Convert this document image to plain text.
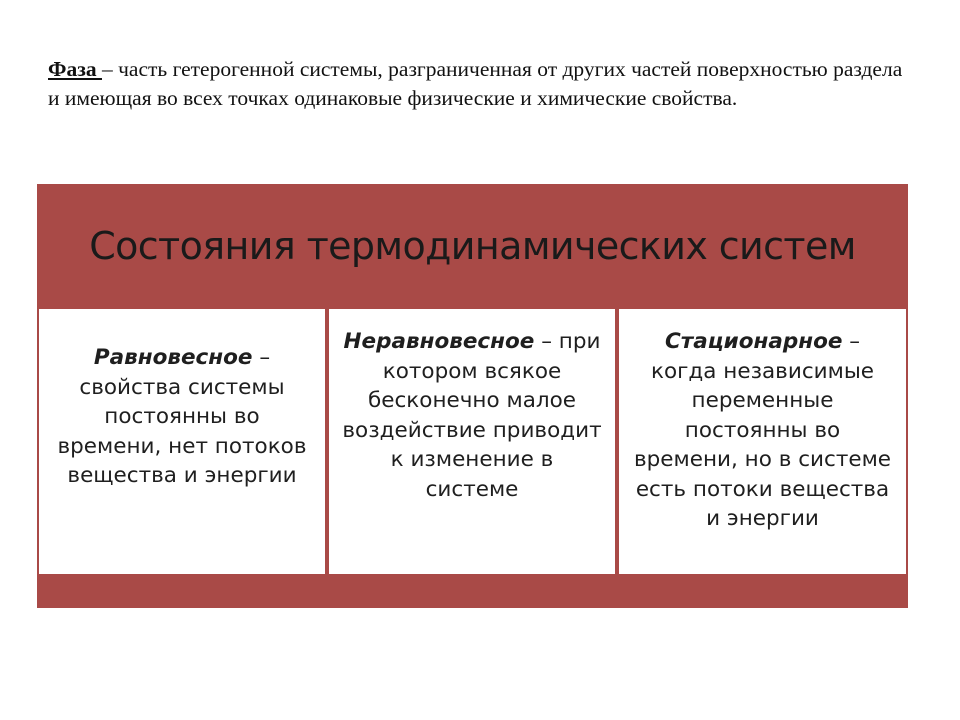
Фаза – часть гетерогенной системы, разграниченная от других частей поверхностью раздела и имеющая во всех точках одинаковые физические и химические свойства.
Состояния термодинамических систем
Равновесное – свойства системы постоянны во времени, нет потоков вещества и энергии
Неравновесное – при котором всякое бесконечно малое воздействие приводит к изменение в системе
Стационарное – когда независимые переменные постоянны во времени, но в системе есть потоки вещества и энергии
